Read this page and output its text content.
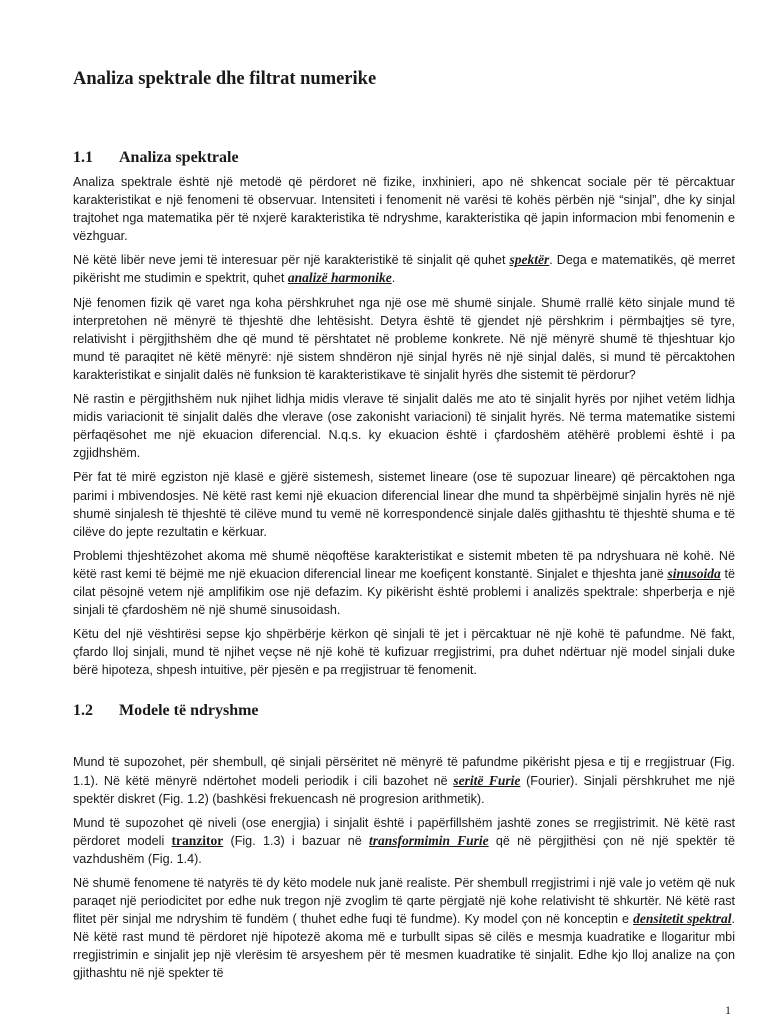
Analiza spektrale dhe filtrat numerike
1.1	Analiza spektrale

Analiza spektrale është një metodë që përdoret në fizike, inxhinieri, apo në shkencat sociale për të përcaktuar karakteristikat e një fenomeni të observuar. Intensiteti i fenomenit në varësi të kohës përbën një “sinjal”, dhe ky sinjal trajtohet nga matematika për të nxjerë karakteristika të ndryshme, karakteristika që japin informacion mbi fenomenin e vëzhguar.

Në këtë libër neve jemi të interesuar për një karakteristikë të sinjalit që quhet spektër. Dega e matematikës, që merret pikërisht me studimin e spektrit, quhet analizë harmonike.

Një fenomen fizik që varet nga koha përshkruhet nga një ose më shumë sinjale. Shumë rrallë këto sinjale mund të interpretohen në mënyrë të thjeshtë dhe lehtësisht. Detyra është të gjendet një përshkrim i përmbajtjes së tyre, relativisht i përgjithshëm dhe që mund të përshtatet në probleme konkrete. Në një mënyrë shumë të thjeshtuar kjo mund të paraqitet në këtë mënyrë: një sistem shndëron një sinjal hyrës në një sinjal dalës, si mund të përcaktohen karakteristikat e sinjalit dalës në funksion të karakteristikave të sinjalit hyrës dhe sistemit të përdorur?

Në rastin e përgjithshëm nuk njihet lidhja midis vlerave të sinjalit dalës me ato të sinjalit hyrës por njihet vetëm lidhja midis variacionit të sinjalit dalës dhe vlerave (ose zakonisht variacioni) të sinjalit hyrës. Në terma matematike sistemi përfaqësohet me një ekuacion diferencial. N.q.s. ky ekuacion është i çfardoshëm atëhërë problemi është i pa zgjidhshëm.

Për fat të mirë egziston një klasë e gjërë sistemesh, sistemet lineare (ose të supozuar lineare) që përcaktohen nga parimi i mbivendosjes. Në këtë rast kemi një ekuacion diferencial linear dhe mund ta shpërbëjmë sinjalin hyrës në një shumë sinjalesh të thjeshtë të cilëve mund tu vemë në korrespondencë sinjale dalës gjithashtu të thjeshtë shuma e të cilëve do jepte rezultatin e kërkuar.

Problemi thjeshtëzohet akoma më shumë nëqoftëse karakteristikat e sistemit mbeten të pa ndryshuara në kohë. Në këtë rast kemi të bëjmë me një ekuacion diferencial linear me koefiçent konstantë. Sinjalet e thjeshta janë sinusoida të cilat pësojnë vetem një amplifikim ose një defazim. Ky pikërisht është problemi i analizës spektrale: shperberja e një sinjali të çfardoshëm në një shumë sinusoidash.

Këtu del një vështirësi sepse kjo shpërbërje kërkon që sinjali të jet i përcaktuar në një kohë të pafundme. Në fakt, çfardo lloj sinjali, mund të njihet veçse në një kohë të kufizuar rregjistrimi, pra duhet ndërtuar një model sinjali duke bërë hipoteza, shpesh intuitive, për pjesën e pa rregjistruar të fenomenit.

1.2	Modele të ndryshme

Mund të supozohet, për shembull, që sinjali përsëritet në mënyrë të pafundme pikërisht pjesa e tij e rregjistruar (Fig. 1.1). Në këtë mënyrë ndërtohet modeli periodik i cili bazohet në seritë Furie (Fourier). Sinjali përshkruhet me një spektër diskret (Fig. 1.2) (bashkësi frekuencash në progresion arithmetik).

Mund të supozohet që niveli (ose energjia) i sinjalit është i papërfillshëm jashtë zones se rregjistrimit. Në këtë rast përdoret modeli tranzitor (Fig. 1.3) i bazuar në transformimin Furie që në përgjithësi çon në një spektër të vazhdushëm (Fig. 1.4).

Në shumë fenomene të natyrës të dy këto modele nuk janë realiste. Për shembull rregjistrimi i një vale jo vetëm që nuk paraqet një periodicitet por edhe nuk tregon një zvoglim të qarte përgjatë një kohe relativisht të shkurtër. Në këtë rast flitet për sinjal me ndryshim të fundëm ( thuhet edhe fuqi të fundme). Ky model çon në konceptin e densitetit spektral. Në këtë rast mund të përdoret një hipotezë akoma më e turbullt sipas së cilës e mesmja kuadratike e llogaritur mbi rregjistrimin e sinjalit jep një vlerësim të arsyeshem për të mesmen kuadratike të sinjalit. Edhe kjo lloj analize na çon gjithashtu në një spekter të

1
